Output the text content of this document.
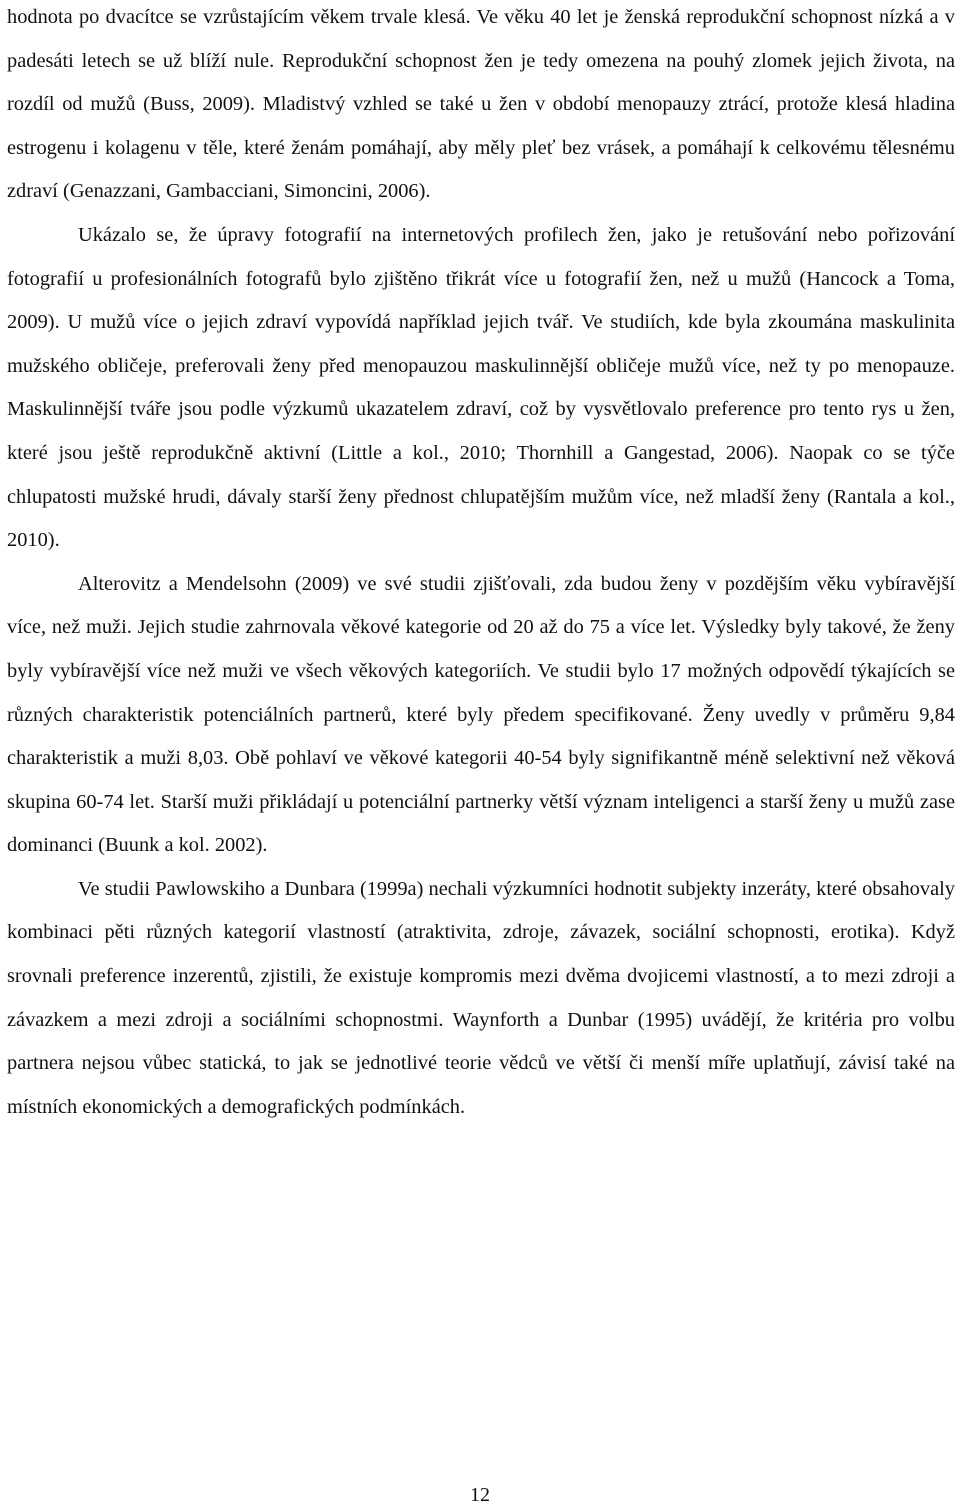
hodnota po dvacítce se vzrůstajícím věkem trvale klesá. Ve věku 40 let je ženská reprodukční schopnost nízká a v padesáti letech se už blíží nule. Reprodukční schopnost žen je tedy omezena na pouhý zlomek jejich života, na rozdíl od mužů (Buss, 2009). Mladistvý vzhled se také u žen v období menopauzy ztrácí, protože klesá hladina estrogenu i kolagenu v těle, které ženám pomáhají, aby měly pleť bez vrásek, a pomáhají k celkovému tělesnému zdraví (Genazzani, Gambacciani, Simoncini, 2006).

Ukázalo se, že úpravy fotografií na internetových profilech žen, jako je retušování nebo pořizování fotografií u profesionálních fotografů bylo zjištěno třikrát více u fotografií žen, než u mužů (Hancock a Toma, 2009). U mužů více o jejich zdraví vypovídá například jejich tvář. Ve studiích, kde byla zkoumána maskulinita mužského obličeje, preferovali ženy před menopauzou maskulinnější obličeje mužů více, než ty po menopauze. Maskulinnější tváře jsou podle výzkumů ukazatelem zdraví, což by vysvětlovalo preference pro tento rys u žen, které jsou ještě reprodukčně aktivní (Little a kol., 2010; Thornhill a Gangestad, 2006). Naopak co se týče chlupatosti mužské hrudi, dávaly starší ženy přednost chlupatějším mužům více, než mladší ženy (Rantala a kol., 2010).

Alterovitz a Mendelsohn (2009) ve své studii zjišťovali, zda budou ženy v pozdějším věku vybíravější více, než muži. Jejich studie zahrnovala věkové kategorie od 20 až do 75 a více let. Výsledky byly takové, že ženy byly vybíravější více než muži ve všech věkových kategoriích. Ve studii bylo 17 možných odpovědí týkajících se různých charakteristik potenciálních partnerů, které byly předem specifikované. Ženy uvedly v průměru 9,84 charakteristik a muži 8,03. Obě pohlaví ve věkové kategorii 40-54 byly signifikantně méně selektivní než věková skupina 60-74 let. Starší muži přikládají u potenciální partnerky větší význam inteligenci a starší ženy u mužů zase dominanci (Buunk a kol. 2002).

Ve studii Pawlowskiho a Dunbara (1999a) nechali výzkumníci hodnotit subjekty inzeráty, které obsahovaly kombinaci pěti různých kategorií vlastností (atraktivita, zdroje, závazek, sociální schopnosti, erotika). Když srovnali preference inzerentů, zjistili, že existuje kompromis mezi dvěma dvojicemi vlastností, a to mezi zdroji a závazkem a mezi zdroji a sociálními schopnostmi. Waynforth a Dunbar (1995) uvádějí, že kritéria pro volbu partnera nejsou vůbec statická, to jak se jednotlivé teorie vědců ve větší či menší míře uplatňují, závisí také na místních ekonomických a demografických podmínkách.

12
